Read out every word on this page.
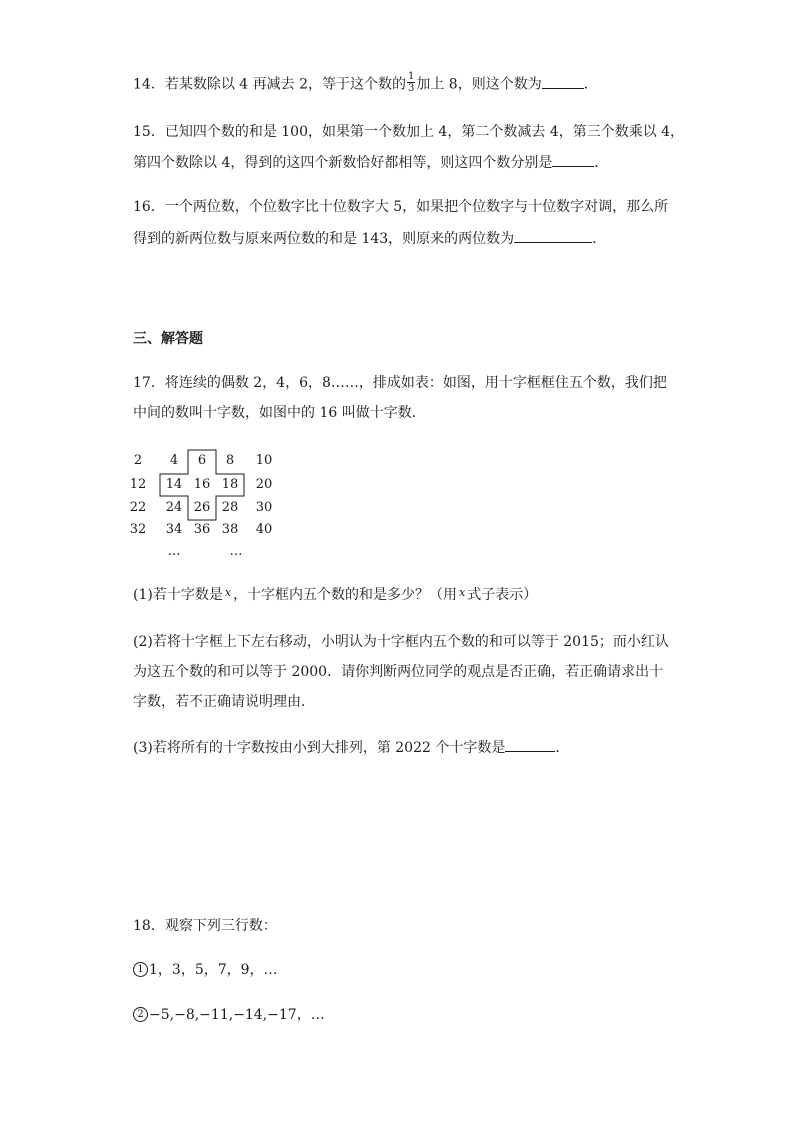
14．若某数除以 4 再减去 2，等于这个数的 $\frac{1}{3}$ 加上 8，则这个数为	．
15．已知四个数的和是 100，如果第一个数加上 4，第二个数减去 4，第三个数乘以 4，
第四个数除以 4，得到的这四个新数恰好都相等，则这四个数分别是	．
16．一个两位数，个位数字比十位数字大 5，如果把个位数字与十位数字对调，那么所
得到的新两位数与原来两位数的和是 143，则原来的两位数为	．
三、解答题
17．将连续的偶数 2，4，6，8……，排成如表：如图，用十字框框住五个数，我们把
中间的数叫十字数，如图中的 16 叫做十字数．
2	4	6	8	10
12	14 16 18	20
22	24 26 28	30
32	34 36 38	40
…	…
(1)若十字数是 $^x$ ，十字框内五个数的和是多少？（用 $^x$ 式子表示）
(2)若将十字框上下左右移动，小明认为十字框内五个数的和可以等于 2015；而小红认
为这五个数的和可以等于 2000．请你判断两位同学的观点是否正确，若正确请求出十
字数，若不正确请说明理由．
(3)若将所有的十字数按由小到大排列，第 2022 个十字数是	．
18．观察下列三行数：
1 1，3，5，7，9，…
2 −5,−8,−11,−14,−17，…
